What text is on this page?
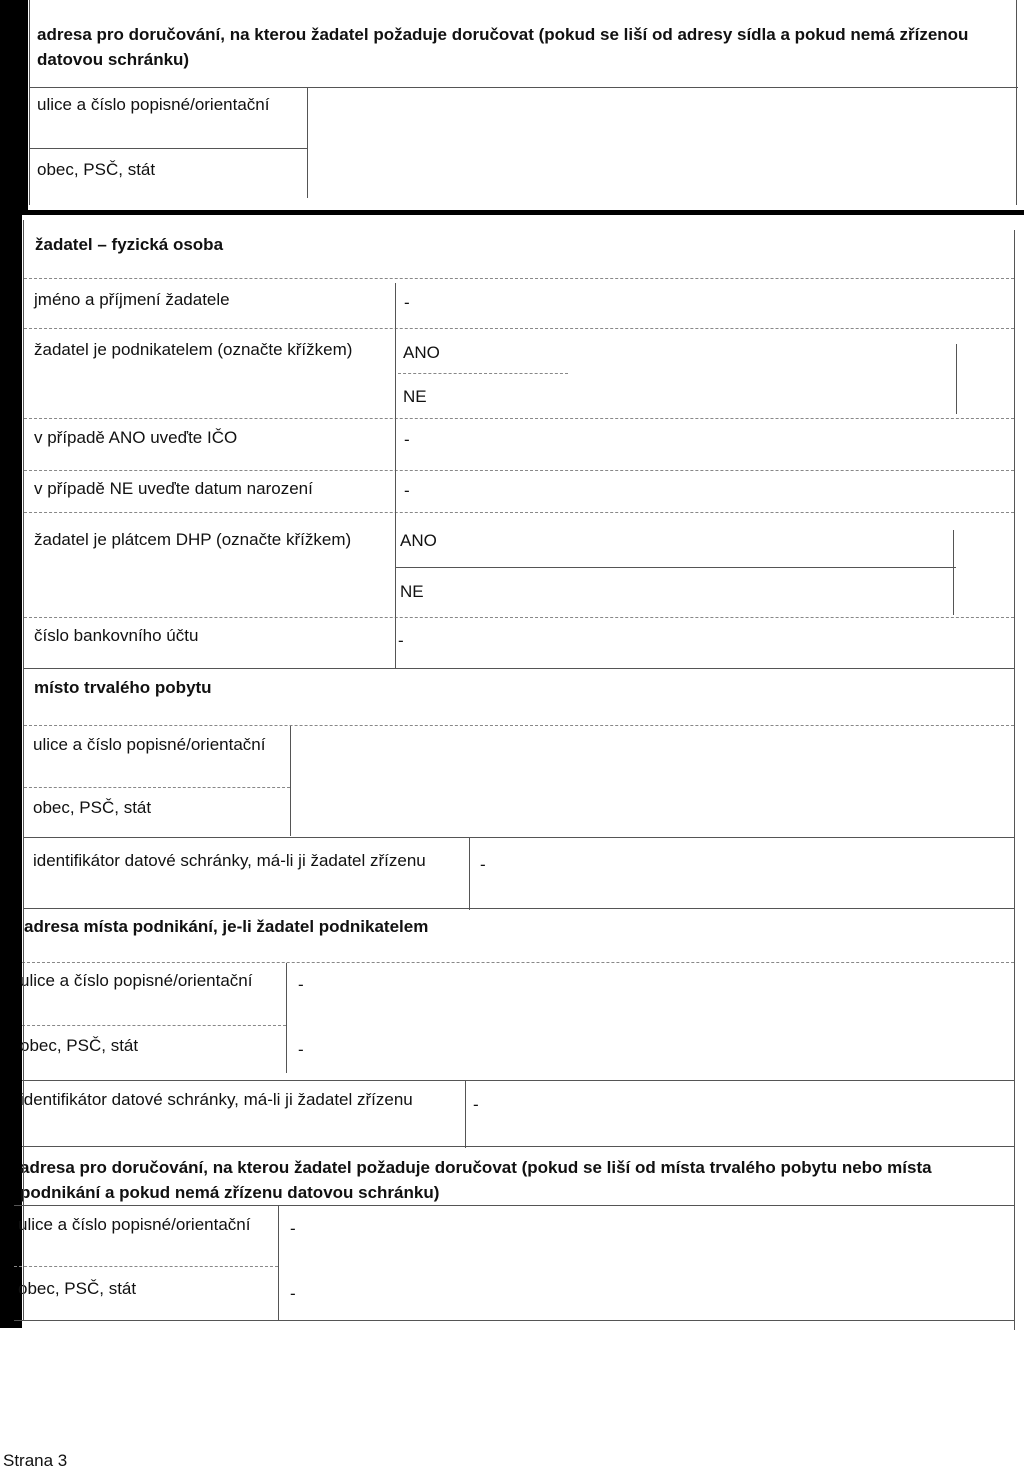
adresa pro doručování, na kterou žadatel požaduje doručovat (pokud se liší od adresy sídla a pokud nemá zřízenou datovou schránku)
ulice a číslo popisné/orientační
obec, PSČ, stát
žadatel – fyzická osoba
jméno a příjmení žadatele	-
žadatel je podnikatelem (označte křížkem)	ANO
NE
v případě ANO uveďte IČO	-
v případě NE uveďte datum narození	-
žadatel je plátcem DHP (označte křížkem)	ANO
NE
číslo bankovního účtu	-
místo trvalého pobytu
ulice a číslo popisné/orientační
obec, PSČ, stát
identifikátor datové schránky, má-li ji žadatel zřízenu	-
adresa místa podnikání, je-li žadatel podnikatelem
ulice a číslo popisné/orientační	-
obec, PSČ, stát	-
identifikátor datové schránky, má-li ji žadatel zřízenu	-
adresa pro doručování, na kterou žadatel požaduje doručovat (pokud se liší od místa trvalého pobytu nebo místa podnikání a pokud nemá zřízenu datovou schránku)
ulice a číslo popisné/orientační	-
obec, PSČ, stát	-
Strana 3
